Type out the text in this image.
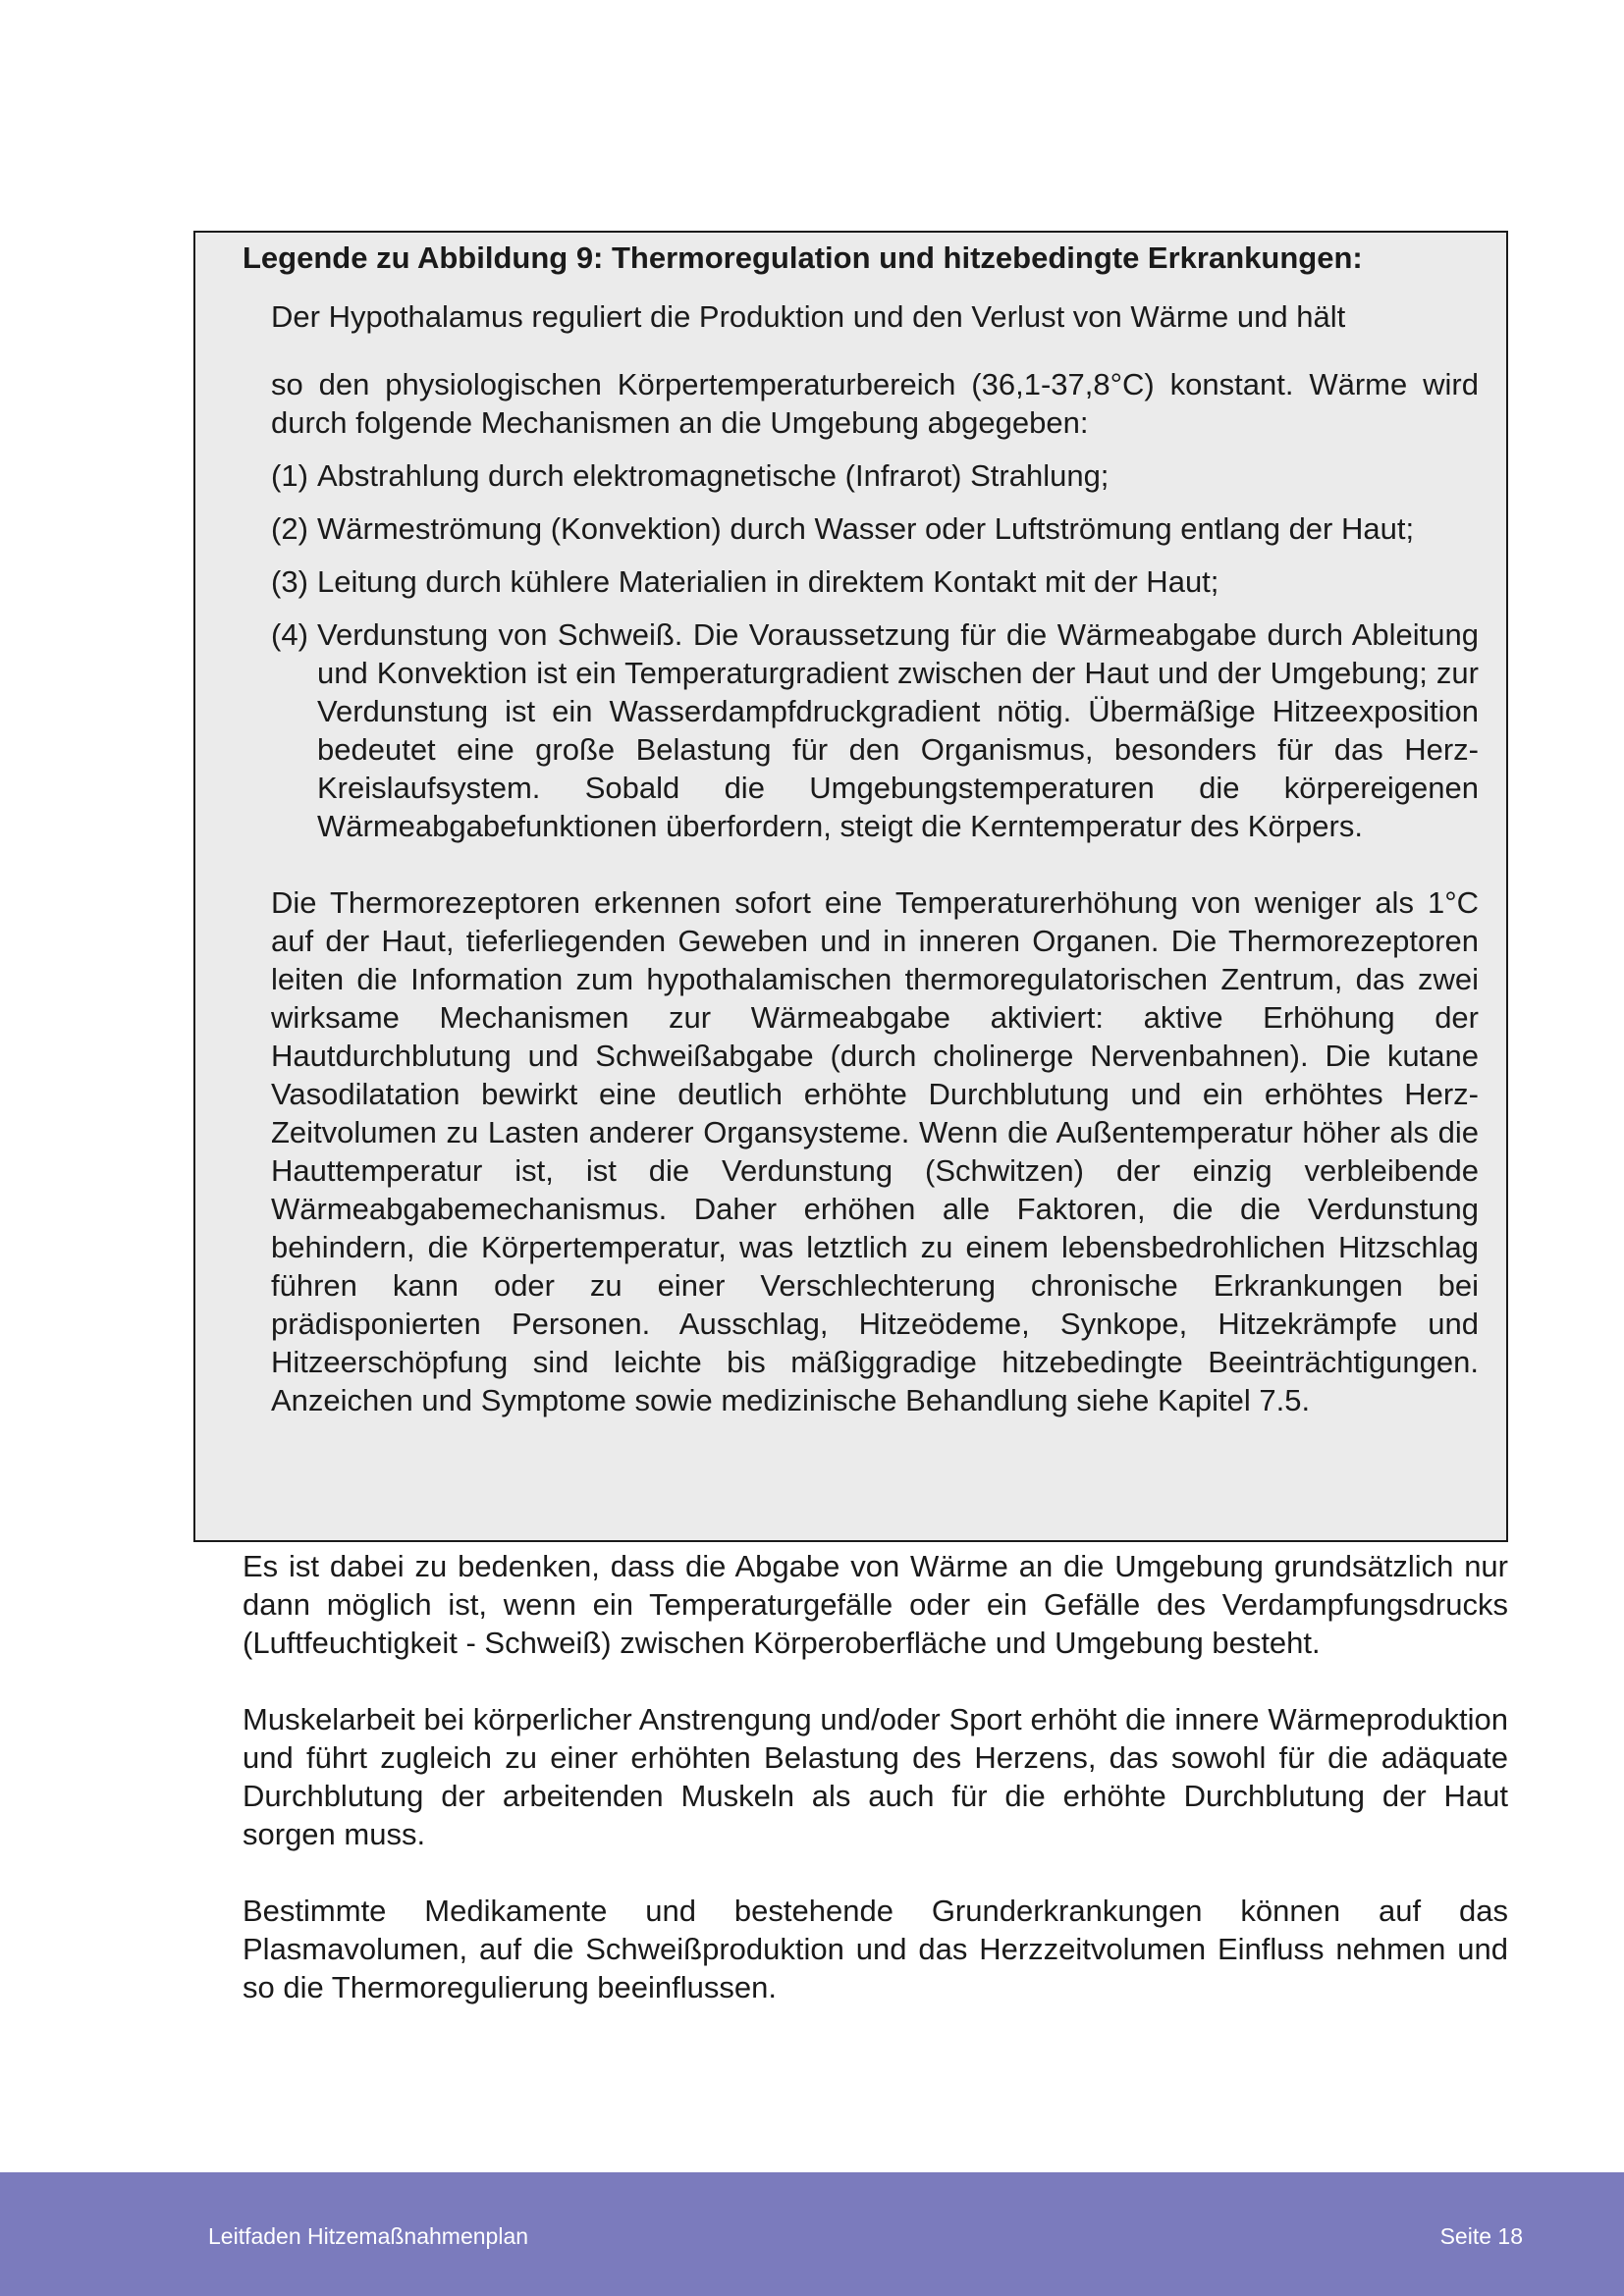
Legende zu Abbildung 9: Thermoregulation und hitzebedingte Erkrankungen:

Der Hypothalamus reguliert die Produktion und den Verlust von Wärme und hält

so den physiologischen Körpertemperaturbereich (36,1-37,8°C) konstant. Wärme wird durch folgende Mechanismen an die Umgebung abgegeben:

(1) Abstrahlung durch elektromagnetische (Infrarot) Strahlung;
(2) Wärmeströmung (Konvektion) durch Wasser oder Luftströmung entlang der Haut;
(3) Leitung durch kühlere Materialien in direktem Kontakt mit der Haut;
(4) Verdunstung von Schweiß. Die Voraussetzung für die Wärmeabgabe durch Ableitung und Konvektion ist ein Temperaturgradient zwischen der Haut und der Umgebung; zur Verdunstung ist ein Wasserdampfdruckgradient nötig. Übermäßige Hitzeexposition bedeutet eine große Belastung für den Organismus, besonders für das Herz-Kreislaufsystem. Sobald die Umgebungstemperaturen die körpereigenen Wärmeabgabefunktionen überfordern, steigt die Kerntemperatur des Körpers.

Die Thermorezeptoren erkennen sofort eine Temperaturerhöhung von weniger als 1°C auf der Haut, tieferliegenden Geweben und in inneren Organen. Die Thermorezeptoren leiten die Information zum hypothalamischen thermoregulatorischen Zentrum, das zwei wirksame Mechanismen zur Wärmeabgabe aktiviert: aktive Erhöhung der Hautdurchblutung und Schweißabgabe (durch cholinerge Nervenbahnen). Die kutane Vasodilatation bewirkt eine deutlich erhöhte Durchblutung und ein erhöhtes Herz-Zeitvolumen zu Lasten anderer Organsysteme. Wenn die Außentemperatur höher als die Hauttemperatur ist, ist die Verdunstung (Schwitzen) der einzig verbleibende Wärmeabgabemechanismus. Daher erhöhen alle Faktoren, die die Verdunstung behindern, die Körpertemperatur, was letztlich zu einem lebensbedrohlichen Hitzschlag führen kann oder zu einer Verschlechterung chronische Erkrankungen bei prädisponierten Personen. Ausschlag, Hitzeödeme, Synkope, Hitzekrämpfe und Hitzeerschöpfung sind leichte bis mäßiggradige hitzebedingte Beeinträchtigungen. Anzeichen und Symptome sowie medizinische Behandlung siehe Kapitel 7.5.

Es ist dabei zu bedenken, dass die Abgabe von Wärme an die Umgebung grundsätzlich nur dann möglich ist, wenn ein Temperaturgefälle oder ein Gefälle des Verdampfungsdrucks (Luftfeuchtigkeit - Schweiß) zwischen Körperoberfläche und Umgebung besteht.

Muskelarbeit bei körperlicher Anstrengung und/oder Sport erhöht die innere Wärmeproduktion und führt zugleich zu einer erhöhten Belastung des Herzens, das sowohl für die adäquate Durchblutung der arbeitenden Muskeln als auch für die erhöhte Durchblutung der Haut sorgen muss.

Bestimmte Medikamente und bestehende Grunderkrankungen können auf das Plasmavolumen, auf die Schweißproduktion und das Herzzeitvolumen Einfluss nehmen und so die Thermoregulierung beeinflussen.

Leitfaden Hitzemaßnahmenplan	Seite 18
